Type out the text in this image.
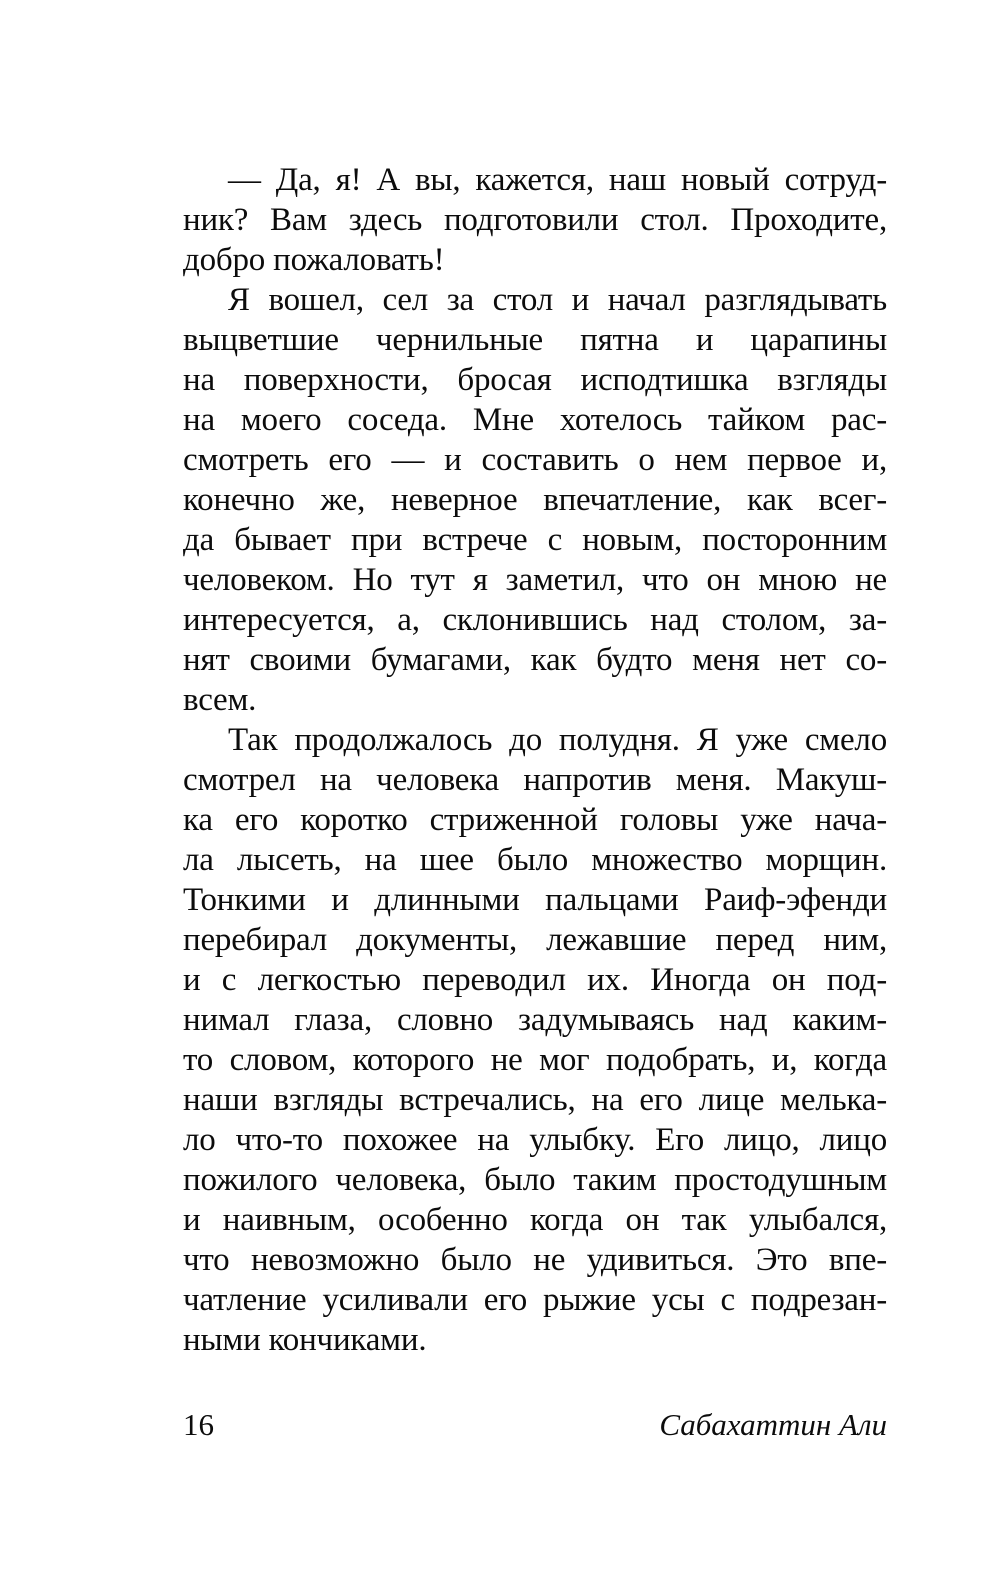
— Да, я! А вы, кажется, наш новый сотруд-
ник? Вам здесь подготовили стол. Проходите,
добро пожаловать!
Я вошел, сел за стол и начал разглядывать
выцветшие чернильные пятна и царапины
на поверхности, бросая исподтишка взгляды
на моего соседа. Мне хотелось тайком рас-
смотреть его — и составить о нем первое и,
конечно же, неверное впечатление, как всег-
да бывает при встрече с новым, посторонним
человеком. Но тут я заметил, что он мною не
интересуется, а, склонившись над столом, за-
нят своими бумагами, как будто меня нет со-
всем.
Так продолжалось до полудня. Я уже смело
смотрел на человека напротив меня. Макуш-
ка его коротко стриженной головы уже нача-
ла лысеть, на шее было множество морщин.
Тонкими и длинными пальцами Раиф-эфенди
перебирал документы, лежавшие перед ним,
и с легкостью переводил их. Иногда он под-
нимал глаза, словно задумываясь над каким-
то словом, которого не мог подобрать, и, когда
наши взгляды встречались, на его лице мелька-
ло что-то похожее на улыбку. Его лицо, лицо
пожилого человека, было таким простодушным
и наивным, особенно когда он так улыбался,
что невозможно было не удивиться. Это впе-
чатление усиливали его рыжие усы с подрезан-
ными кончиками.
16	Сабахаттин Али
